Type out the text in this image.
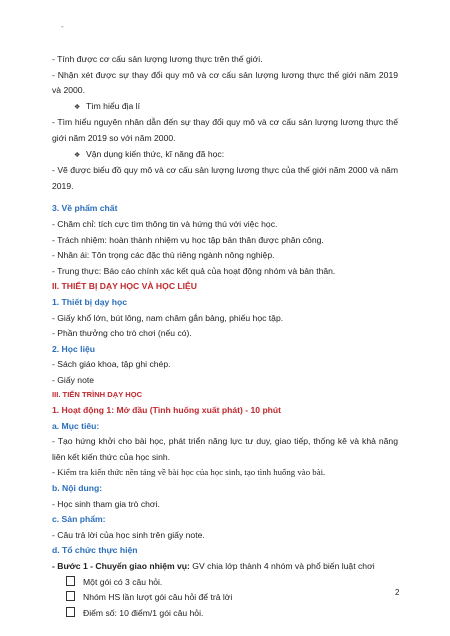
-

- Tính được cơ cấu sản lượng lương thực trên thế giới.

- Nhận xét được sự thay đổi quy mô và cơ cấu sản lượng lương thực thế giới năm 2019 và 2000.

❖ Tìm hiểu địa lí

- Tìm hiểu nguyên nhân dẫn đến sự thay đổi quy mô và cơ cấu sản lượng lương thực thế giới năm 2019 so với năm 2000.

❖ Vận dụng kiến thức, kĩ năng đã học:

- Vẽ được biểu đồ quy mô và cơ cấu sản lượng lương thực của thế giới năm 2000 và năm 2019.

3. Về phẩm chất

- Chăm chỉ: tích cực tìm thông tin và hứng thú với việc học.

- Trách nhiệm: hoàn thành nhiệm vụ học tập bản thân được phân công.

- Nhân ái: Tôn trọng các đặc thù riêng ngành nông nghiệp.

- Trung thực: Báo cáo chính xác kết quả của hoạt động nhóm và bản thân.

II. THIẾT BỊ DẠY HỌC VÀ HỌC LIỆU

1. Thiết bị dạy học

- Giấy khổ lớn, bút lông, nam châm gắn bảng, phiếu học tập.

- Phần thưởng cho trò chơi (nếu có).

2. Học liệu

- Sách giáo khoa, tập ghi chép.

- Giấy note

III. TIẾN TRÌNH DẠY HỌC

1. Hoạt động 1: Mở đầu (Tình huống xuất phát) - 10 phút

a. Mục tiêu:

- Tạo hứng khởi cho bài học, phát triển năng lực tư duy, giao tiếp, thống kê và khả năng liên kết kiến thức của học sinh.

- Kiểm tra kiến thức nền tảng về bài học của học sinh, tạo tình huống vào bài.

b. Nội dung:

- Học sinh tham gia trò chơi.

c. Sản phẩm:

- Câu trả lời của học sinh trên giấy note.

d. Tổ chức thực hiện

- Bước 1 - Chuyển giao nhiệm vụ: GV chia lớp thành 4 nhóm và phổ biến luật chơi

Một gói có 3 câu hỏi.

Nhóm HS lần lượt gói câu hỏi để trả lời

Điểm số: 10 điểm/1 gói câu hỏi.

2
